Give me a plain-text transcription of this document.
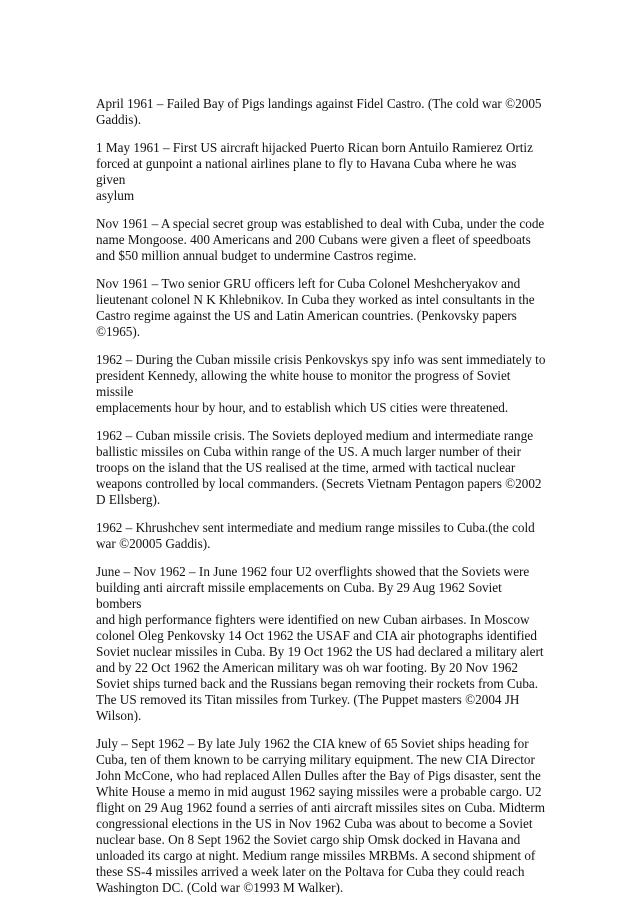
April 1961 – Failed Bay of Pigs landings against Fidel Castro. (The cold war ©2005
Gaddis).

1 May 1961 – First US aircraft hijacked Puerto Rican born Antuilo Ramierez Ortiz
forced at gunpoint a national airlines plane to fly to Havana Cuba where he was given
asylum

Nov 1961 – A special secret group was established to deal with Cuba, under the code
name Mongoose. 400 Americans and 200 Cubans were given a fleet of speedboats
and $50 million annual budget to undermine Castros regime.

Nov 1961 – Two senior GRU officers left for Cuba Colonel Meshcheryakov and
lieutenant colonel N K Khlebnikov. In Cuba they worked as intel consultants in the
Castro regime against the US and Latin American countries. (Penkovsky papers
©1965).

1962 – During the Cuban missile crisis Penkovskys spy info was sent immediately to
president Kennedy, allowing the white house to monitor the progress of Soviet missile
emplacements hour by hour, and to establish which US cities were threatened.

1962 – Cuban missile crisis. The Soviets deployed medium and intermediate range
ballistic missiles on Cuba within range of the US. A much larger number of their
troops on the island that the US realised at the time, armed with tactical nuclear
weapons controlled by local commanders. (Secrets Vietnam Pentagon papers ©2002
D Ellsberg).

1962 – Khrushchev sent intermediate and medium range missiles to Cuba.(the cold
war ©20005 Gaddis).

June – Nov 1962 – In June 1962 four U2 overflights showed that the Soviets were
building anti aircraft missile emplacements on Cuba. By 29 Aug 1962 Soviet bombers
and high performance fighters were identified on new Cuban airbases. In Moscow
colonel Oleg Penkovsky 14 Oct 1962 the USAF and CIA air photographs identified
Soviet nuclear missiles in Cuba. By 19 Oct 1962 the US had declared a military alert
and by 22 Oct 1962 the American military was oh war footing. By 20 Nov 1962
Soviet ships turned back and the Russians began removing their rockets from Cuba.
The US removed its Titan missiles from Turkey. (The Puppet masters ©2004 JH
Wilson).

July – Sept 1962 – By late July 1962 the CIA knew of 65 Soviet ships heading for
Cuba, ten of them known to be carrying military equipment. The new CIA Director
John McCone, who had replaced Allen Dulles after the Bay of Pigs disaster, sent the
White House a memo in mid august 1962 saying missiles were a probable cargo. U2
flight on 29 Aug 1962 found a serries of anti aircraft missiles sites on Cuba. Midterm
congressional elections in the US in Nov 1962 Cuba was about to become a Soviet
nuclear base. On 8 Sept 1962 the Soviet cargo ship Omsk docked in Havana and
unloaded its cargo at night. Medium range missiles MRBMs. A second shipment of
these SS-4 missiles arrived a week later on the Poltava for Cuba they could reach
Washington DC. (Cold war ©1993 M Walker).
